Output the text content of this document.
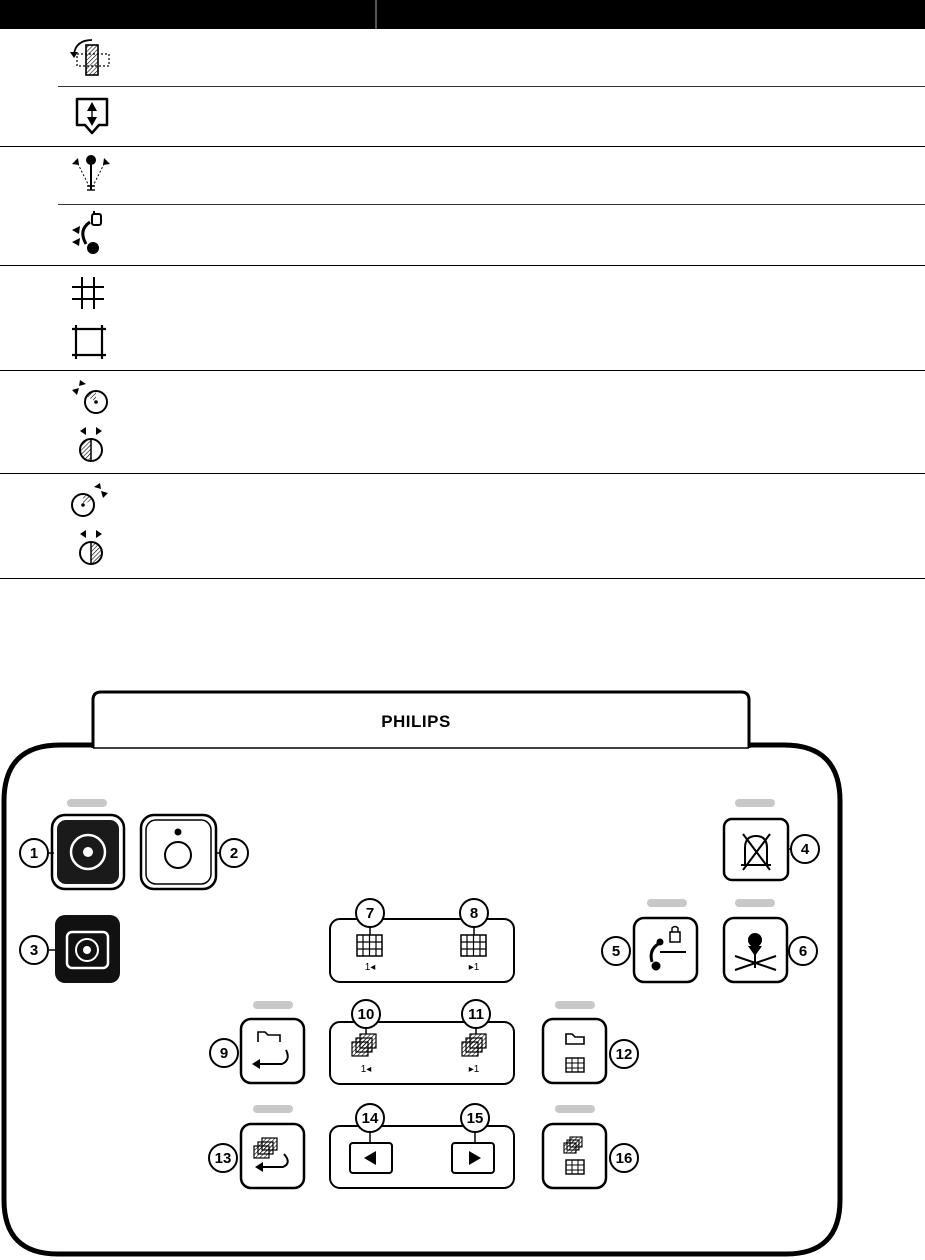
PHILIPS
1◂	▸1
1◂	▸1
1	2
3
4
5	6
7	8
9
10	11
12
13
14	15
16
